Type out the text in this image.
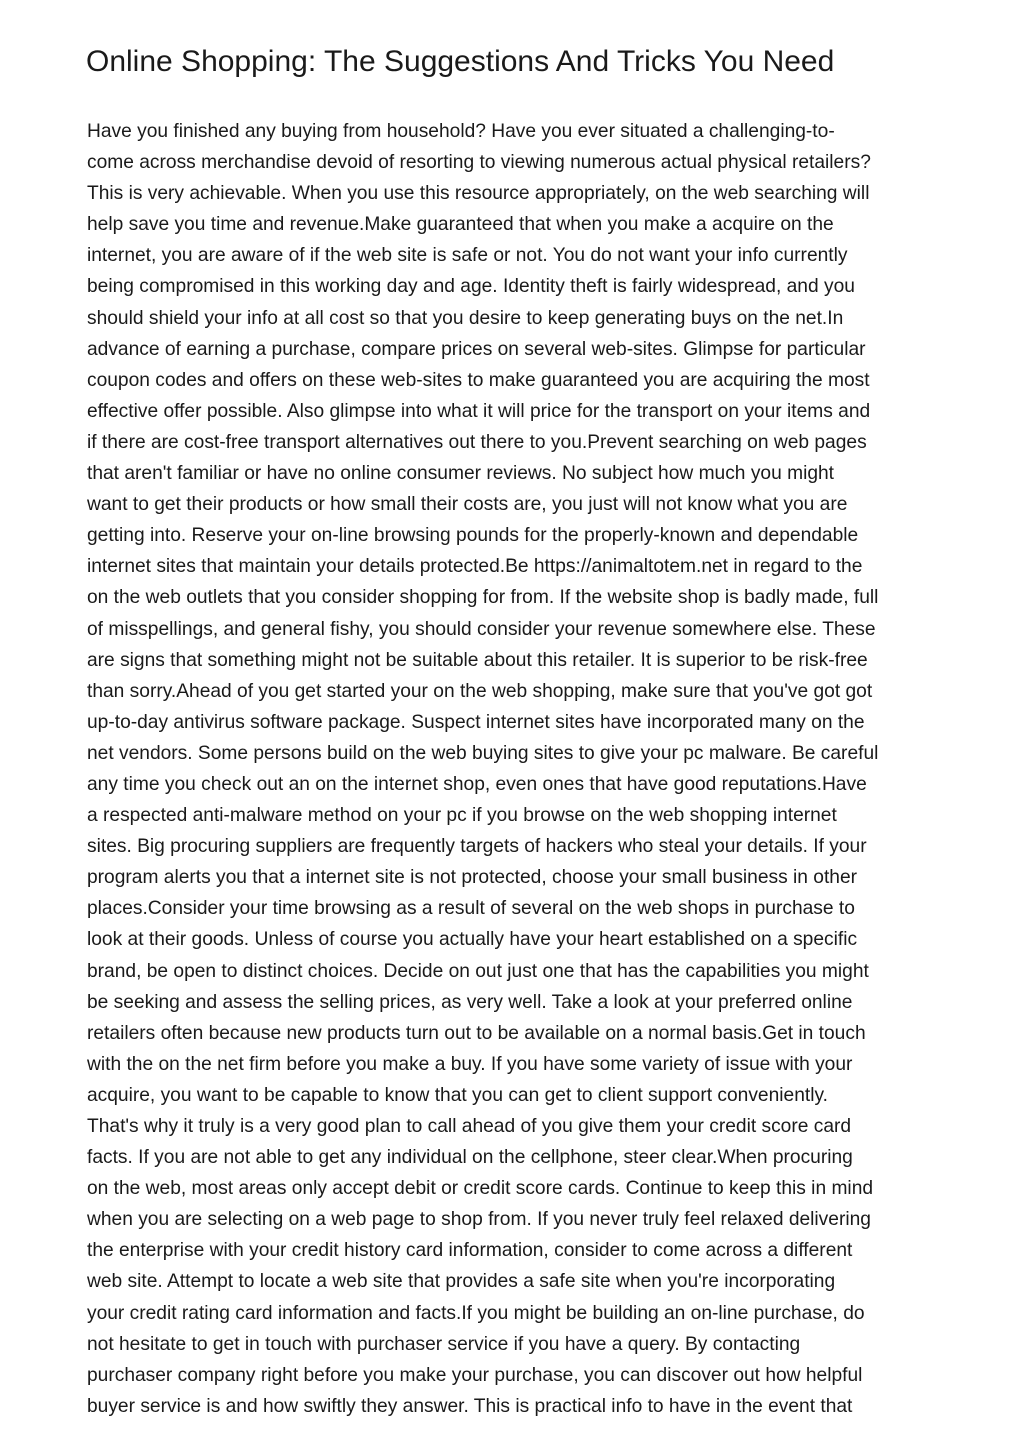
Online Shopping: The Suggestions And Tricks You Need
Have you finished any buying from household? Have you ever situated a challenging-to-
come across merchandise devoid of resorting to viewing numerous actual physical retailers?
This is very achievable. When you use this resource appropriately, on the web searching will
help save you time and revenue.Make guaranteed that when you make a acquire on the
internet, you are aware of if the web site is safe or not. You do not want your info currently
being compromised in this working day and age. Identity theft is fairly widespread, and you
should shield your info at all cost so that you desire to keep generating buys on the net.In
advance of earning a purchase, compare prices on several web-sites. Glimpse for particular
coupon codes and offers on these web-sites to make guaranteed you are acquiring the most
effective offer possible. Also glimpse into what it will price for the transport on your items and
if there are cost-free transport alternatives out there to you.Prevent searching on web pages
that aren't familiar or have no online consumer reviews. No subject how much you might
want to get their products or how small their costs are, you just will not know what you are
getting into. Reserve your on-line browsing pounds for the properly-known and dependable
internet sites that maintain your details protected.Be https://animaltotem.net in regard to the
on the web outlets that you consider shopping for from. If the website shop is badly made, full
of misspellings, and general fishy, you should consider your revenue somewhere else. These
are signs that something might not be suitable about this retailer. It is superior to be risk-free
than sorry.Ahead of you get started your on the web shopping, make sure that you've got got
up-to-day antivirus software package. Suspect internet sites have incorporated many on the
net vendors. Some persons build on the web buying sites to give your pc malware. Be careful
any time you check out an on the internet shop, even ones that have good reputations.Have
a respected anti-malware method on your pc if you browse on the web shopping internet
sites. Big procuring suppliers are frequently targets of hackers who steal your details. If your
program alerts you that a internet site is not protected, choose your small business in other
places.Consider your time browsing as a result of several on the web shops in purchase to
look at their goods. Unless of course you actually have your heart established on a specific
brand, be open to distinct choices. Decide on out just one that has the capabilities you might
be seeking and assess the selling prices, as very well. Take a look at your preferred online
retailers often because new products turn out to be available on a normal basis.Get in touch
with the on the net firm before you make a buy. If you have some variety of issue with your
acquire, you want to be capable to know that you can get to client support conveniently.
That's why it truly is a very good plan to call ahead of you give them your credit score card
facts. If you are not able to get any individual on the cellphone, steer clear.When procuring
on the web, most areas only accept debit or credit score cards. Continue to keep this in mind
when you are selecting on a web page to shop from. If you never truly feel relaxed delivering
the enterprise with your credit history card information, consider to come across a different
web site. Attempt to locate a web site that provides a safe site when you're incorporating
your credit rating card information and facts.If you might be building an on-line purchase, do
not hesitate to get in touch with purchaser service if you have a query. By contacting
purchaser company right before you make your purchase, you can discover out how helpful
buyer service is and how swiftly they answer. This is practical info to have in the event that
